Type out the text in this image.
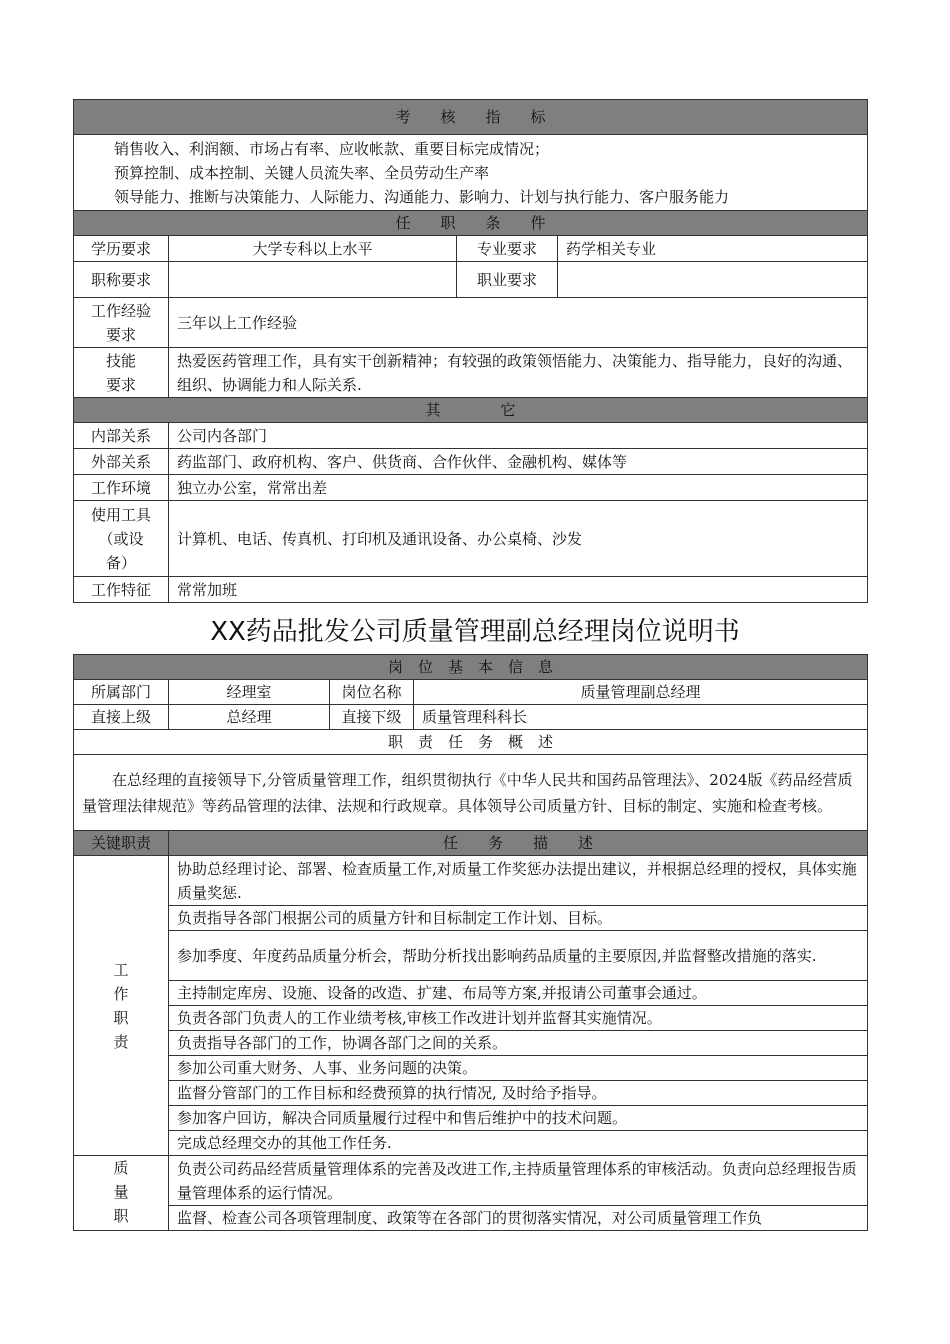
考　　核　　指　　标			

销售收入、利润额、市场占有率、应收帐款、重要目标完成情况；
预算控制、成本控制、关键人员流失率、全员劳动生产率
领导能力、推断与决策能力、人际能力、沟通能力、影响力、计划与执行能力、客户服务能力			

任　　职　　条　　件			
学历要求	大学专科以上水平	专业要求	药学相关专业
职称要求		职业要求	

工作经验
要求	三年以上工作经验		

技能
要求	热爱医药管理工作，具有实干创新精神；有较强的政策领悟能力、决策能力、指导能力，良好的沟通、组织、协调能力和人际关系.		
其　　　　它			
内部关系	公司内各部门		
外部关系	药监部门、政府机构、客户、供货商、合作伙伴、金融机构、媒体等		
工作环境	独立办公室，常常出差		

使用工具
（或设
备）	计算机、电话、传真机、打印机及通讯设备、办公桌椅、沙发		
工作特征	常常加班		
XX药品批发公司质量管理副总经理岗位说明书
岗　位　基　本　信　息			
所属部门	经理室	岗位名称	质量管理副总经理
直接上级	总经理	直接下级	质量管理科科长
职　责　任　务　概　述			
在总经理的直接领导下,分管质量管理工作，组织贯彻执行《中华人民共和国药品管理法》、2024版《药品经营质量管理法律规范》等药品管理的法律、法规和行政规章。具体领导公司质量方针、目标的制定、实施和检查考核。			
关键职责	任　　务　　描　　述		

工
作
职
责	协助总经理讨论、部署、检查质量工作,对质量工作奖惩办法提出建议，并根据总经理的授权，具体实施质量奖惩.		
	负责指导各部门根据公司的质量方针和目标制定工作计划、目标。		
	参加季度、年度药品质量分析会，帮助分析找出影响药品质量的主要原因,并监督整改措施的落实.		
	主持制定库房、设施、设备的改造、扩建、布局等方案,并报请公司董事会通过。		
	负责各部门负责人的工作业绩考核,审核工作改进计划并监督其实施情况。		
	负责指导各部门的工作，协调各部门之间的关系。		
	参加公司重大财务、人事、业务问题的决策。		
	监督分管部门的工作目标和经费预算的执行情况, 及时给予指导。		
	参加客户回访，解决合同质量履行过程中和售后维护中的技术问题。		
	完成总经理交办的其他工作任务.		

质
量
职	负责公司药品经营质量管理体系的完善及改进工作,主持质量管理体系的审核活动。负责向总经理报告质量管理体系的运行情况。		
	监督、检查公司各项管理制度、政策等在各部门的贯彻落实情况，对公司质量管理工作负		
